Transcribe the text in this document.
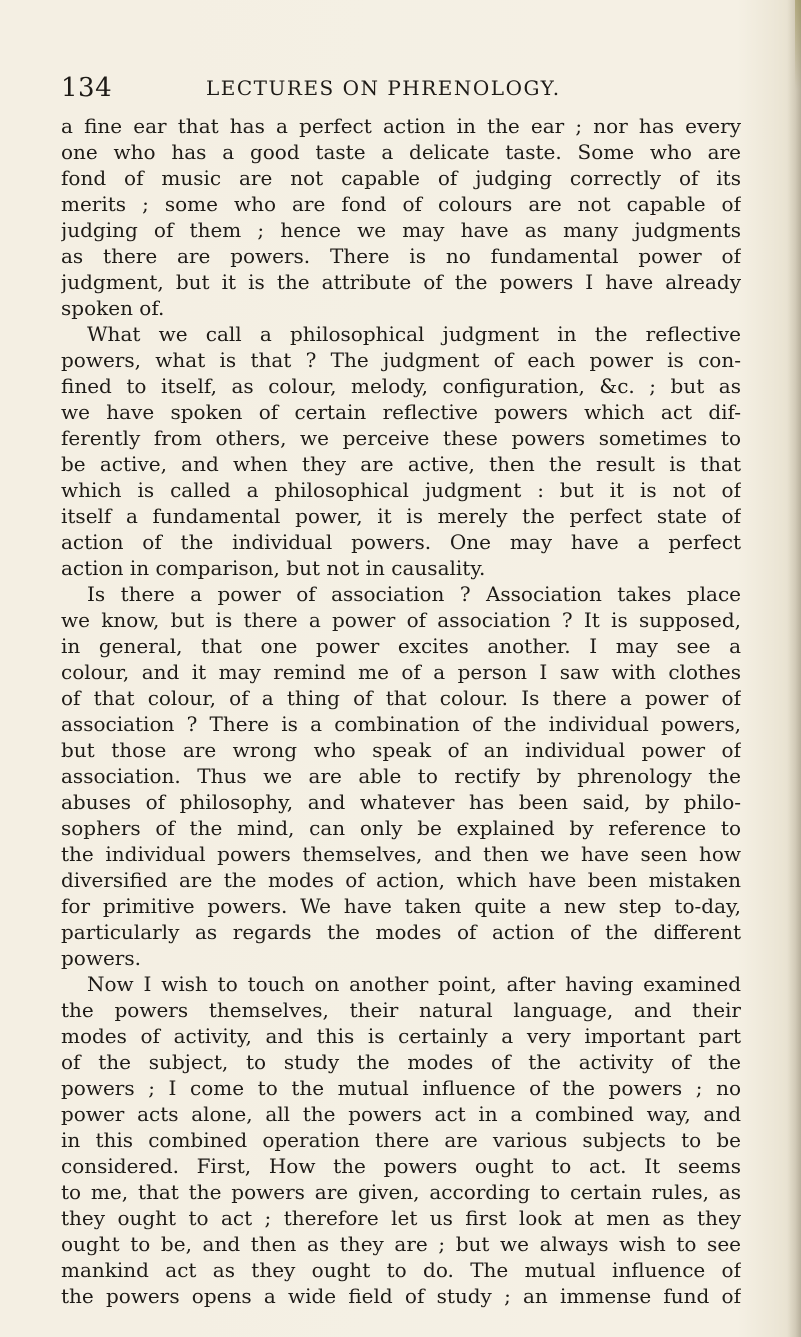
134	LECTURES ON PHRENOLOGY.
a fine ear that has a perfect action in the ear ; nor has every
one who has a good taste a delicate taste. Some who are
fond of music are not capable of judging correctly of its
merits ; some who are fond of colours are not capable of
judging of them ; hence we may have as many judgments
as there are powers. There is no fundamental power of
judgment, but it is the attribute of the powers I have already
spoken of.
What we call a philosophical judgment in the reflective
powers, what is that ? The judgment of each power is con-
fined to itself, as colour, melody, configuration, &c. ; but as
we have spoken of certain reflective powers which act dif-
ferently from others, we perceive these powers sometimes to
be active, and when they are active, then the result is that
which is called a philosophical judgment : but it is not of
itself a fundamental power, it is merely the perfect state of
action of the individual powers. One may have a perfect
action in comparison, but not in causality.
Is there a power of association ? Association takes place
we know, but is there a power of association ? It is supposed,
in general, that one power excites another. I may see a
colour, and it may remind me of a person I saw with clothes
of that colour, of a thing of that colour. Is there a power of
association ? There is a combination of the individual powers,
but those are wrong who speak of an individual power of
association. Thus we are able to rectify by phrenology the
abuses of philosophy, and whatever has been said, by philo-
sophers of the mind, can only be explained by reference to
the individual powers themselves, and then we have seen how
diversified are the modes of action, which have been mistaken
for primitive powers. We have taken quite a new step to-day,
particularly as regards the modes of action of the different
powers.
Now I wish to touch on another point, after having examined
the powers themselves, their natural language, and their
modes of activity, and this is certainly a very important part
of the subject, to study the modes of the activity of the
powers ; I come to the mutual influence of the powers ; no
power acts alone, all the powers act in a combined way, and
in this combined operation there are various subjects to be
considered. First, How the powers ought to act. It seems
to me, that the powers are given, according to certain rules, as
they ought to act ; therefore let us first look at men as they
ought to be, and then as they are ; but we always wish to see
mankind act as they ought to do. The mutual influence of
the powers opens a wide field of study ; an immense fund of
